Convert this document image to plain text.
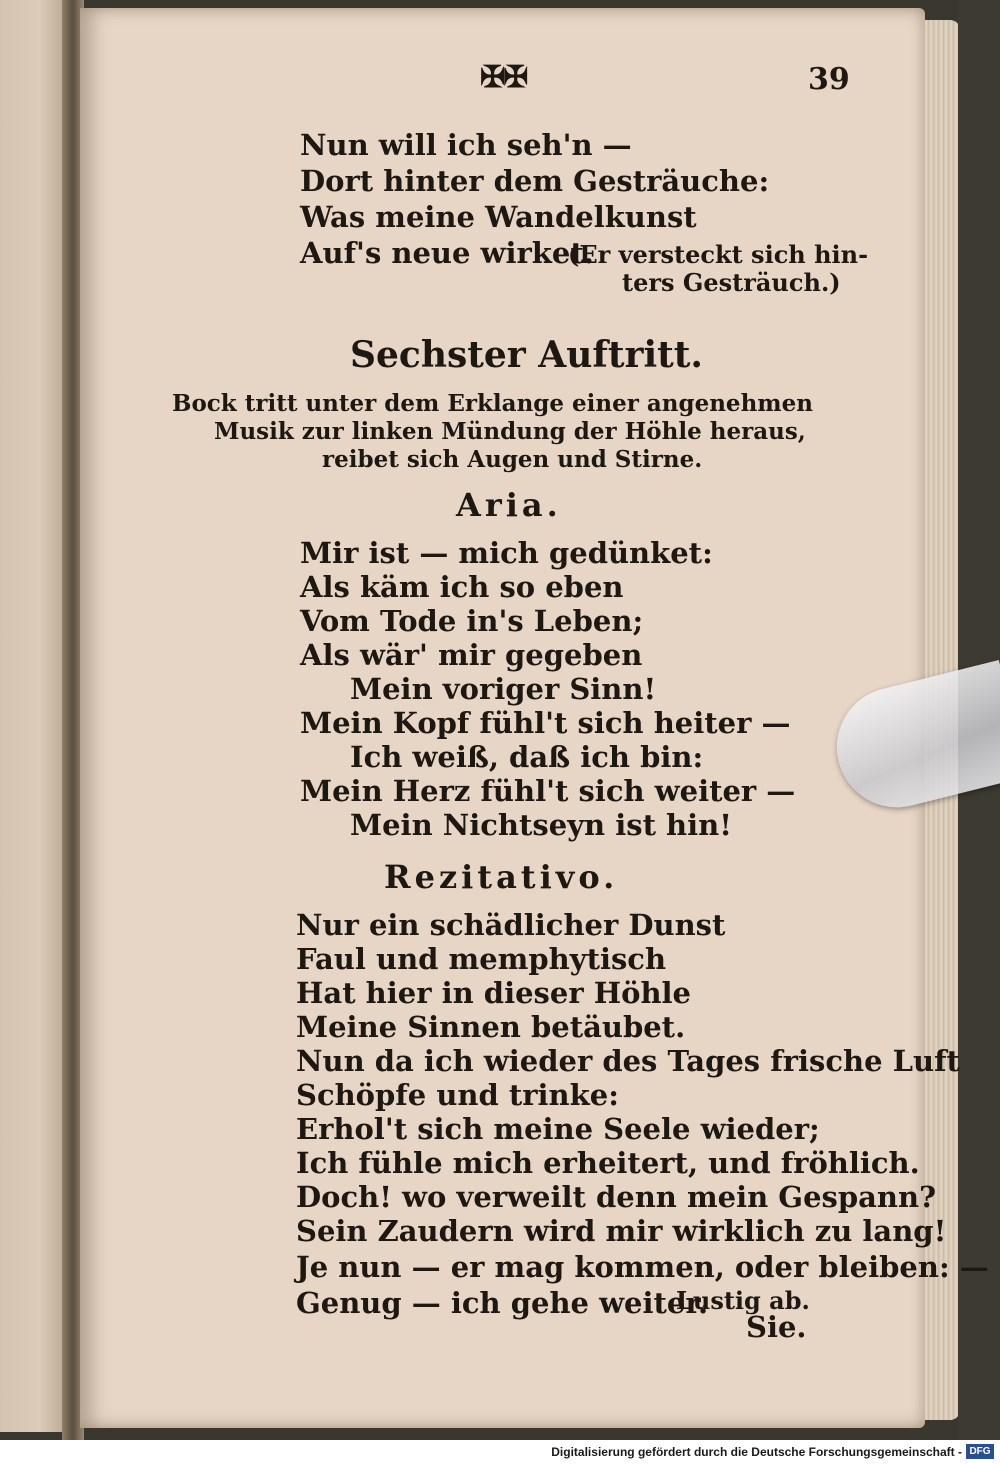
✠✠	39
Nun will ich seh'n —
Dort hinter dem Gesträuche:
Was meine Wandelkunst
Auf's neue wirket.
(Er versteckt sich hin-
ters Gesträuch.)
Sechster Auftritt.
Bock tritt unter dem Erklange einer angenehmen
Musik zur linken Mündung der Höhle heraus,
reibet sich Augen und Stirne.
Aria.
Mir ist — mich gedünket:
Als käm ich so eben
Vom Tode in's Leben;
Als wär' mir gegeben
Mein voriger Sinn!
Mein Kopf fühl't sich heiter —
Ich weiß, daß ich bin:
Mein Herz fühl't sich weiter —
Mein Nichtseyn ist hin!
Rezitativo.
Nur ein schädlicher Dunst
Faul und memphytisch
Hat hier in dieser Höhle
Meine Sinnen betäubet.
Nun da ich wieder des Tages frische Luft
Schöpfe und trinke:
Erhol't sich meine Seele wieder;
Ich fühle mich erheitert, und fröhlich.
Doch! wo verweilt denn mein Gespann?
Sein Zaudern wird mir wirklich zu lang!
Je nun — er mag kommen, oder bleiben: —
Genug — ich gehe weiter.
Lustig ab.
Sie.
Digitalisierung gefördert durch die Deutsche Forschungsgemeinschaft - DFG
